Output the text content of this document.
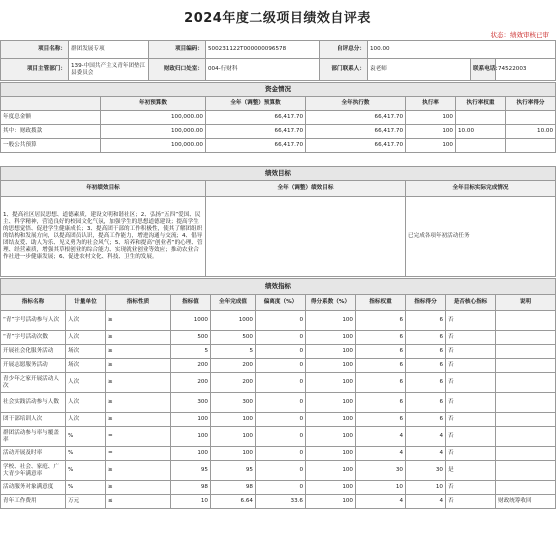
2024年度二级项目绩效自评表
状态：绩效审核已审
项目名称：	群团发展专项	项目编码：	500231122T000000096578	自评总分：	100.00		
项目主管部门：	139-中国共产主义青年团垫江县委员会	财政归口处室：	004-行财科	部门联系人：	袁老师	联系电话：	74522003
资金情况						
	年初预算数	全年（调整）预算数	全年执行数	执行率	执行率权重	执行率得分
年度总金额	100,000.00	66,417.70	66,417.70	100		
其中：财政拨款	100,000.00	66,417.70	66,417.70	100	10.00	10.00
一般公共预算	100,000.00	66,417.70	66,417.70	100		
绩效目标		
年初绩效目标	全年（调整）绩效目标	全年目标实际完成情况
1、提高社区居民思想、道德素质，建设文明和谐社区；2、弘扬“五四”爱国、民主、科学精神，营造良好的校园文化气氛，加强学生的思想道德建设；提高学生的思想觉悟、促进学生健康成长；3、提高团干部的工作积极性，使其了解团组织的结构和发展方向，以提高团员认识，提高工作能力，增进沟通与交流；4、倡导团结友爱、助人为乐、见义勇为的社会风气；5、培养和提高“创业者”的心理、管理、经营素质，增强其草根创业的综合能力、实现就业创业等效应；推动农业合作社进一步健康发展；6、促进农村文化、科技、卫生的发展。		已完成各项年初活动任务
绩效指标										
指标名称	计量单位	指标性质	指标值	全年完成值	偏离度（%）	得分系数（%）	指标权重	指标得分	是否核心指标	说明
“青”字号活动参与人次	人次	≥	1000	1000	0	100	6	6	否	
“青”字号活动次数	人次	≥	500	500	0	100	6	6	否	
开展社会化服务活动	场次	≥	5	5	0	100	6	6	否	
开展志愿服务活动	场次	≥	200	200	0	100	6	6	否	
青少年之家开展活动人次	人次	≥	200	200	0	100	6	6	否	
社会实践活动参与人数	人次	≥	300	300	0	100	6	6	否	
团干部培训人次	人次	≥	100	100	0	100	6	6	否	
群团活动参与率与覆盖率	%	=	100	100	0	100	4	4	否	
活动开展及时率	%	=	100	100	0	100	4	4	否	
学校、社会、家庭、广大青少年满意率	%	≥	95	95	0	100	30	30	是	
活动服务对象满意度	%	≥	98	98	0	100	10	10	否	
青年工作费用	万元	≤	10	6.64	33.6	100	4	4	否	财政统筹收回
